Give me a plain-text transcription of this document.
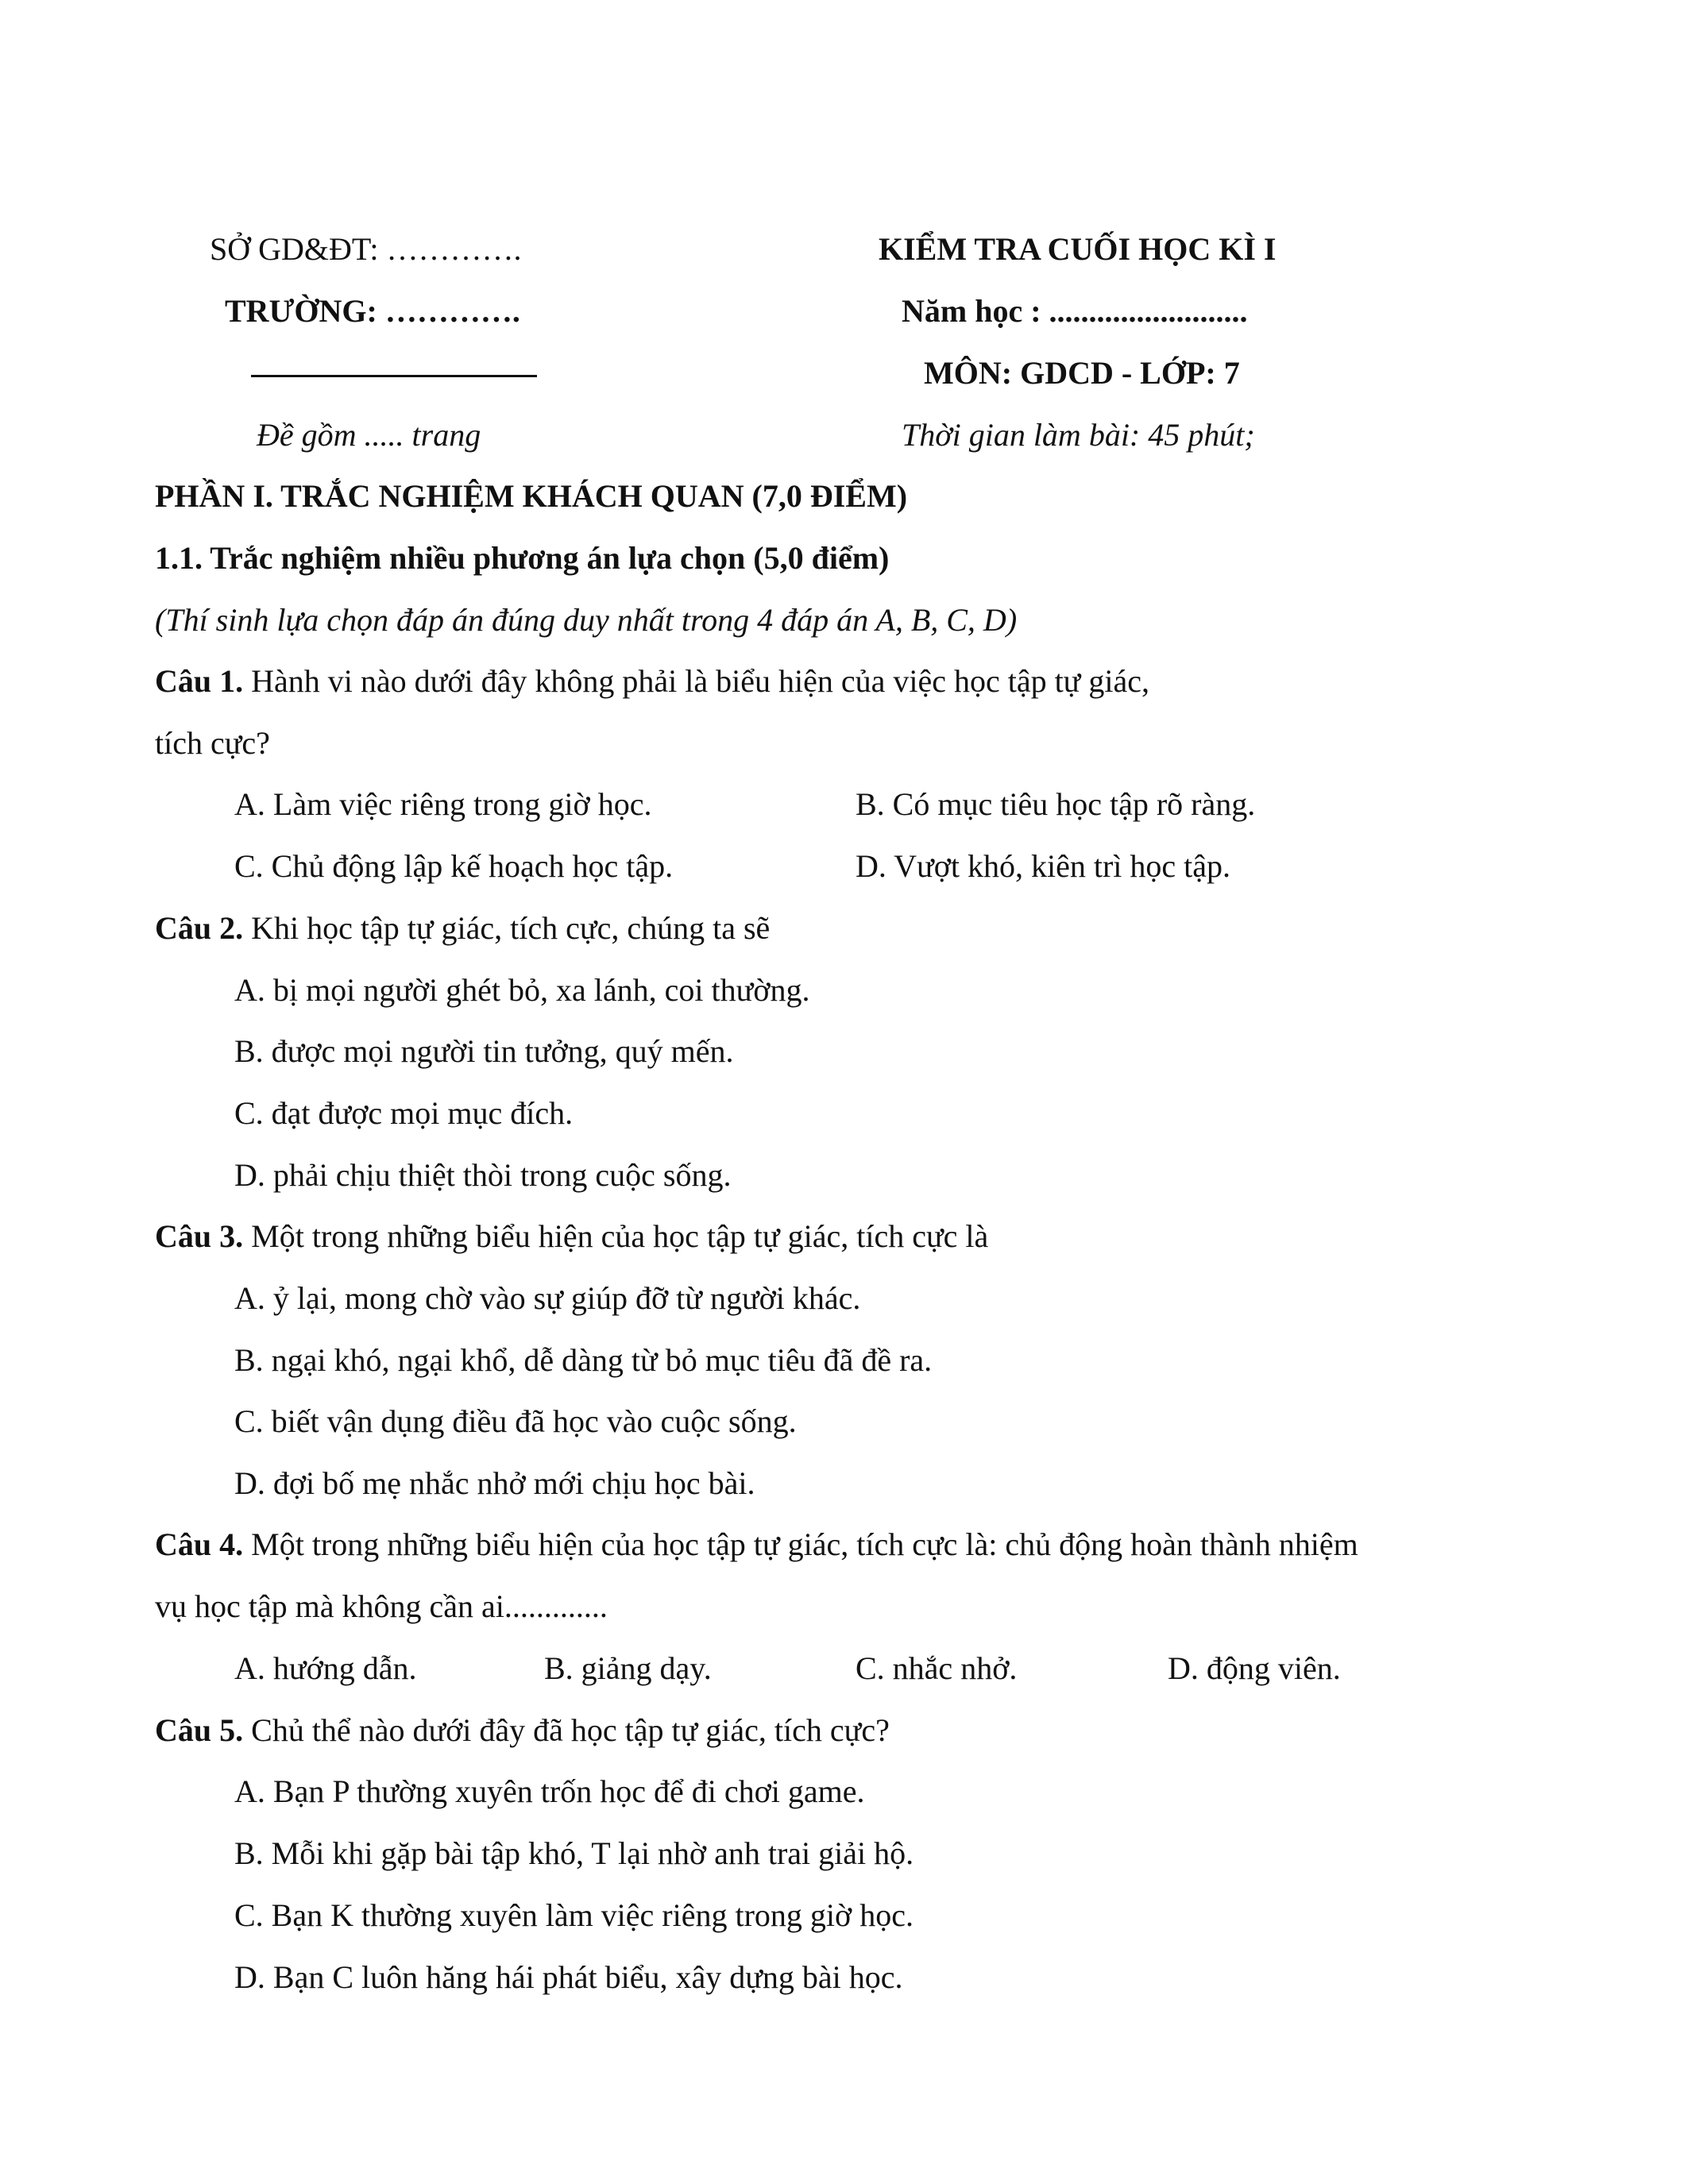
SỞ GD&ĐT: ………….
TRƯỜNG: ………….
Đề gồm ..... trang
KIỂM TRA CUỐI HỌC KÌ I
Năm học : .........................
MÔN: GDCD - LỚP: 7
Thời gian làm bài: 45 phút;
PHẦN I. TRẮC NGHIỆM KHÁCH QUAN (7,0 ĐIỂM)
1.1. Trắc nghiệm nhiều phương án lựa chọn (5,0 điểm)
(Thí sinh lựa chọn đáp án đúng duy nhất trong 4 đáp án A, B, C, D)
Câu 1. Hành vi nào dưới đây không phải là biểu hiện của việc học tập tự giác,
tích cực?
A. Làm việc riêng trong giờ học.	B. Có mục tiêu học tập rõ ràng.
C. Chủ động lập kế hoạch học tập.	D. Vượt khó, kiên trì học tập.
Câu 2. Khi học tập tự giác, tích cực, chúng ta sẽ
A. bị mọi người ghét bỏ, xa lánh, coi thường.
B. được mọi người tin tưởng, quý mến.
C. đạt được mọi mục đích.
D. phải chịu thiệt thòi trong cuộc sống.
Câu 3. Một trong những biểu hiện của học tập tự giác, tích cực là
A. ỷ lại, mong chờ vào sự giúp đỡ từ người khác.
B. ngại khó, ngại khổ, dễ dàng từ bỏ mục tiêu đã đề ra.
C. biết vận dụng điều đã học vào cuộc sống.
D. đợi bố mẹ nhắc nhở mới chịu học bài.
Câu 4. Một trong những biểu hiện của học tập tự giác, tích cực là: chủ động hoàn thành nhiệm
vụ học tập mà không cần ai.............
A. hướng dẫn.	B. giảng dạy.	C. nhắc nhở.	D. động viên.
Câu 5. Chủ thể nào dưới đây đã học tập tự giác, tích cực?
A. Bạn P thường xuyên trốn học để đi chơi game.
B. Mỗi khi gặp bài tập khó, T lại nhờ anh trai giải hộ.
C. Bạn K thường xuyên làm việc riêng trong giờ học.
D. Bạn C luôn hăng hái phát biểu, xây dựng bài học.
